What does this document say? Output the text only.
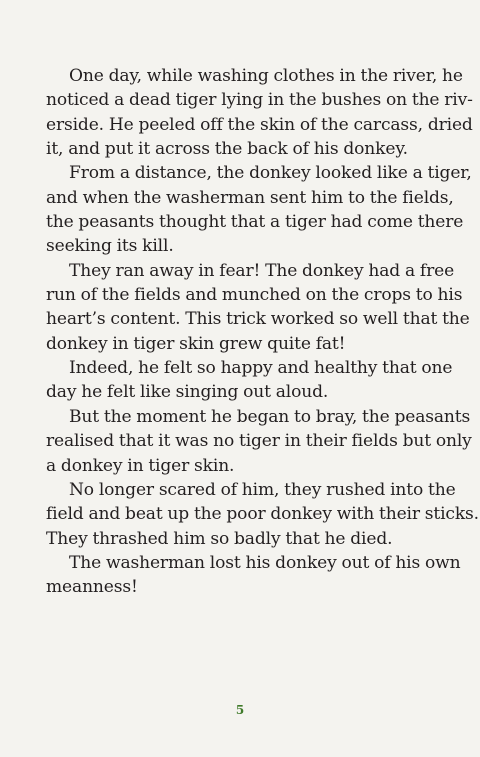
One day, while washing clothes in the river, he
noticed a dead tiger lying in the bushes on the riv-
erside. He peeled off the skin of the carcass, dried
it, and put it across the back of his donkey.

From a distance, the donkey looked like a tiger,
and when the washerman sent him to the fields,
the peasants thought that a tiger had come there
seeking its kill.

They ran away in fear! The donkey had a free
run of the fields and munched on the crops to his
heart’s content. This trick worked so well that the
donkey in tiger skin grew quite fat!

Indeed, he felt so happy and healthy that one
day he felt like singing out aloud.

But the moment he began to bray, the peasants
realised that it was no tiger in their fields but only
a donkey in tiger skin.

No longer scared of him, they rushed into the
field and beat up the poor donkey with their sticks.
They thrashed him so badly that he died.

The washerman lost his donkey out of his own
meanness!

5
